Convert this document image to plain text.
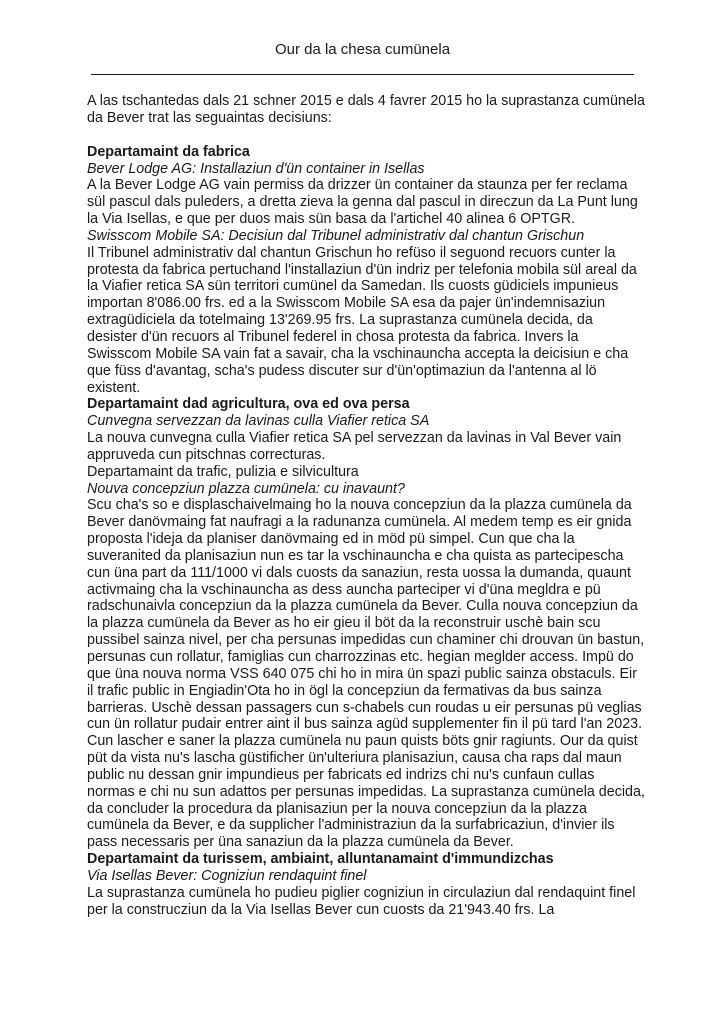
Our da la chesa cumünela

A las tschantedas dals 21 schner 2015 e dals 4 favrer 2015 ho la suprastanza cumünela da Bever trat las seguaintas decisiuns:

Departamaint da fabrica

Bever Lodge AG: Installaziun d'ün container in Isellas

A la Bever Lodge AG vain permiss da drizzer ün container da staunza per fer reclama sül pascul dals puleders, a dretta zieva la genna dal pascul in direczun da La Punt lung la Via Isellas, e que per duos mais sün basa da l'artichel 40 alinea 6 OPTGR.

Swisscom Mobile SA: Decisiun dal Tribunel administrativ dal chantun Grischun

Il Tribunel administrativ dal chantun Grischun ho refüso il seguond recuors cunter la protesta da fabrica pertuchand l'installaziun d'ün indriz per telefonia mobila sül areal da la Viafier retica SA sün territori cumünel da Samedan. Ils cuosts güdiciels impunieus importan 8'086.00 frs. ed a la Swisscom Mobile SA esa da pajer ün'indemnisaziun extragüdiciela da totelmaing 13'269.95 frs. La suprastanza cumünela decida, da desister d'ün recuors al Tribunel federel in chosa protesta da fabrica. Invers la Swisscom Mobile SA vain fat a savair, cha la vschinauncha accepta la deicisiun e cha que füss d'avantag, scha's pudess discuter sur d'ün'optimaziun da l'antenna al lö existent.

Departamaint dad agricultura, ova ed ova persa

Cunvegna servezzan da lavinas culla Viafier retica SA

La nouva cunvegna culla Viafier retica SA pel servezzan da lavinas in Val Bever vain appruveda cun pitschnas correcturas.

Departamaint da trafic, pulizia e silvicultura

Nouva concepziun plazza cumünela: cu inavaunt?

Scu cha's so e displaschaivelmaing ho la nouva concepziun da la plazza cumünela da Bever danövmaing fat naufragi a la radunanza cumünela. Al medem temp es eir gnida proposta l'ideja da planiser danövmaing ed in möd pü simpel. Cun que cha la suveranited da planisaziun nun es tar la vschinauncha e cha quista as partecipescha cun üna part da 111/1000 vi dals cuosts da sanaziun, resta uossa la dumanda, quaunt activmaing cha la vschinauncha as dess auncha parteciper vi d'üna megldra e pü radschunaivla concepziun da la plazza cumünela da Bever. Culla nouva concepziun da la plazza cumünela da Bever as ho eir gieu il böt da la reconstruir uschè bain scu pussibel sainza nivel, per cha persunas impedidas cun chaminer chi drouvan ün bastun, persunas cun rollatur, famiglias cun charrozzinas etc. hegian meglder access. Impü do que üna nouva norma VSS 640 075 chi ho in mira ün spazi public sainza obstaculs. Eir il trafic public in Engiadin'Ota ho in ögl la concepziun da fermativas da bus sainza barrieras. Uschè dessan passagers cun s-chabels cun roudas u eir persunas pü veglias cun ün rollatur pudair entrer aint il bus sainza agüd supplementer fin il pü tard l'an 2023. Cun lascher e saner la plazza cumünela nu paun quists böts gnir ragiunts. Our da quist püt da vista nu's lascha güstificher ün'ulteriura planisaziun, causa cha raps dal maun public nu dessan gnir impundieus per fabricats ed indrizs chi nu's cunfaun cullas normas e chi nu sun adattos per persunas impedidas. La suprastanza cumünela decida, da concluder la procedura da planisaziun per la nouva concepziun da la plazza cumünela da Bever, e da supplicher l'administraziun da la surfabricaziun, d'invier ils pass necessaris per üna sanaziun da la plazza cumünela da Bever.

Departamaint da turissem, ambiaint, alluntanamaint d'immundizchas

Via Isellas Bever: Cogniziun rendaquint finel

La suprastanza cumünela ho pudieu piglier cogniziun in circulaziun dal rendaquint finel per la construcziun da la Via Isellas Bever cun cuosts da 21'943.40 frs. La
